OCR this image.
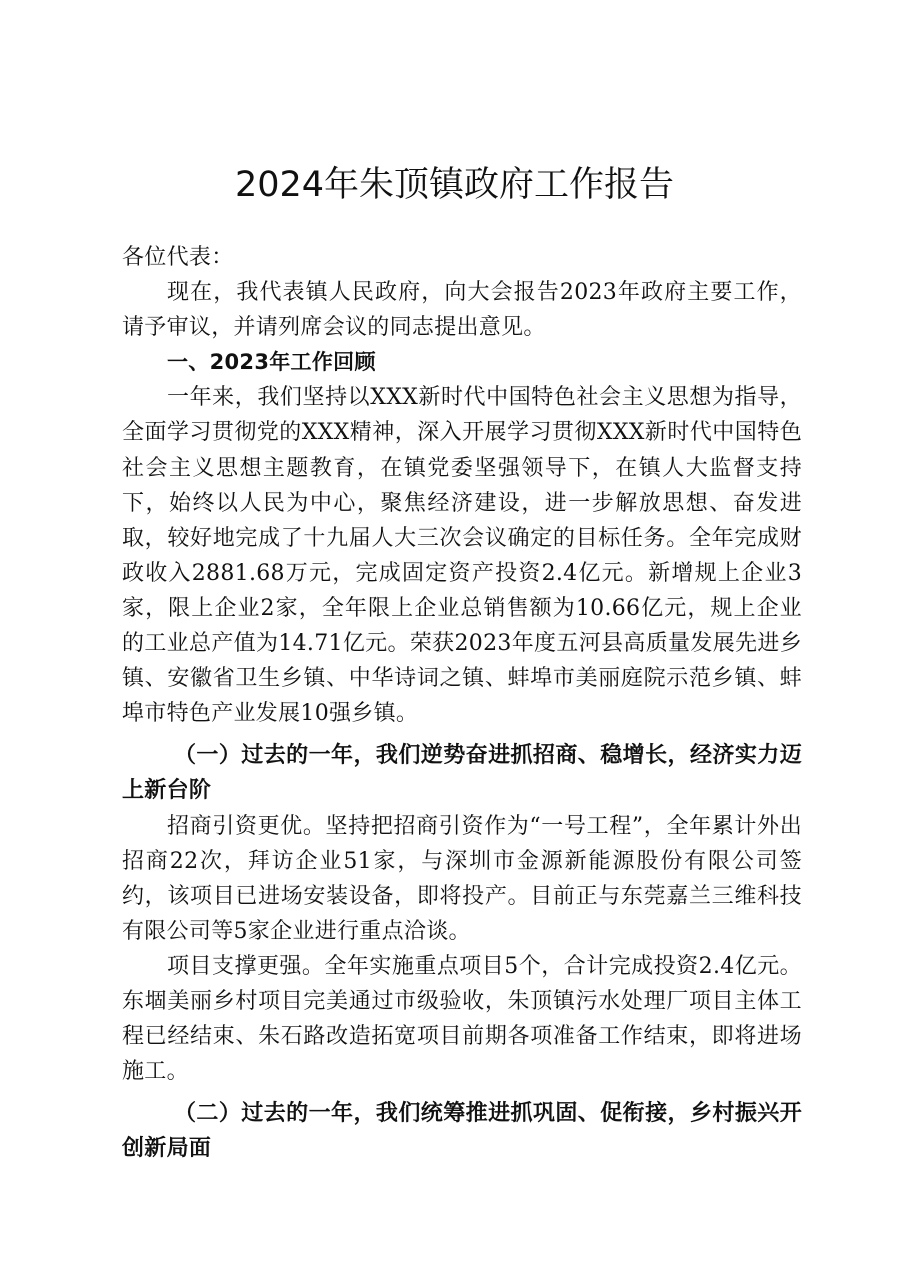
2024年朱顶镇政府工作报告

各位代表：

现在，我代表镇人民政府，向大会报告2023年政府主要工作，请予审议，并请列席会议的同志提出意见。

一、2023年工作回顾

一年来，我们坚持以XXX新时代中国特色社会主义思想为指导，全面学习贯彻党的XXX精神，深入开展学习贯彻XXX新时代中国特色社会主义思想主题教育，在镇党委坚强领导下，在镇人大监督支持下，始终以人民为中心，聚焦经济建设，进一步解放思想、奋发进取，较好地完成了十九届人大三次会议确定的目标任务。全年完成财政收入2881.68万元，完成固定资产投资2.4亿元。新增规上企业3家，限上企业2家，全年限上企业总销售额为10.66亿元，规上企业的工业总产值为14.71亿元。荣获2023年度五河县高质量发展先进乡镇、安徽省卫生乡镇、中华诗词之镇、蚌埠市美丽庭院示范乡镇、蚌埠市特色产业发展10强乡镇。

（一）过去的一年，我们逆势奋进抓招商、稳增长，经济实力迈上新台阶

招商引资更优。坚持把招商引资作为“一号工程”，全年累计外出招商22次，拜访企业51家，与深圳市金源新能源股份有限公司签约，该项目已进场安装设备，即将投产。目前正与东莞嘉兰三维科技有限公司等5家企业进行重点洽谈。

项目支撑更强。全年实施重点项目5个，合计完成投资2.4亿元。东堌美丽乡村项目完美通过市级验收，朱顶镇污水处理厂项目主体工程已经结束、朱石路改造拓宽项目前期各项准备工作结束，即将进场施工。

（二）过去的一年，我们统筹推进抓巩固、促衔接，乡村振兴开创新局面
